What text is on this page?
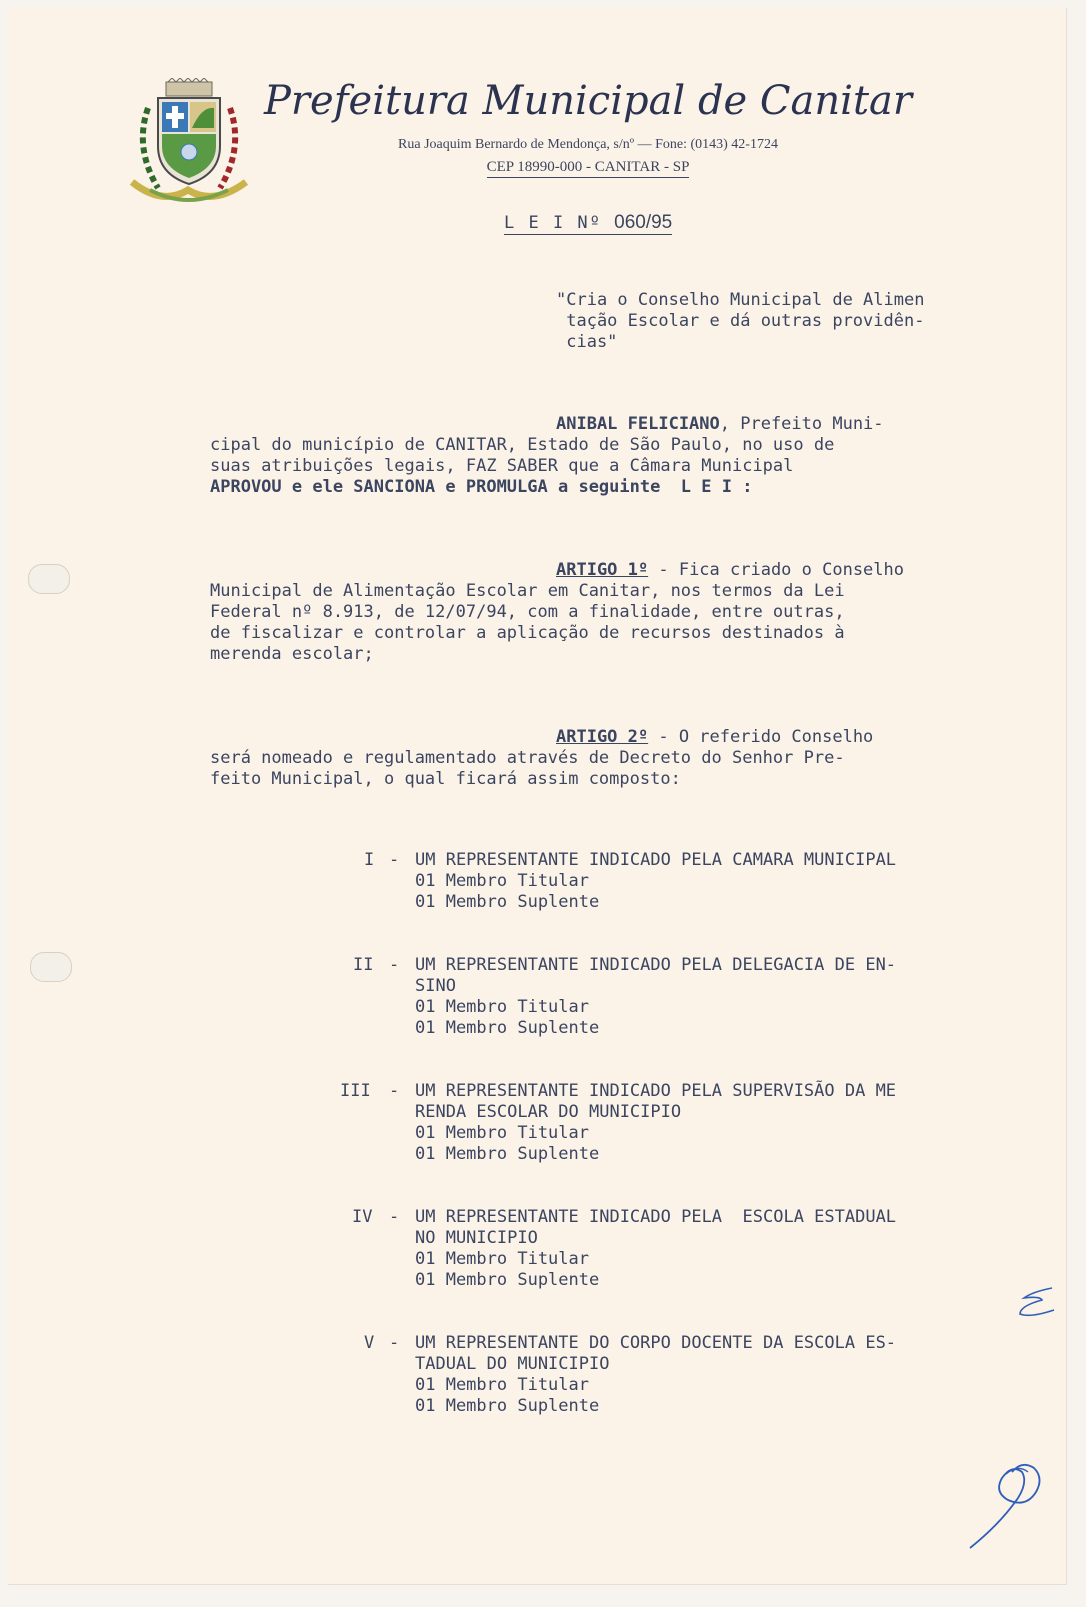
Prefeitura Municipal de Canitar
Rua Joaquim Bernardo de Mendonça, s/nº — Fone: (0143) 42-1724
CEP 18990-000 - CANITAR - SP
L E I Nº 060/95
"Cria o Conselho Municipal de Alimen
tação Escolar e dá outras providên-
cias"
ANIBAL FELICIANO, Prefeito Muni-
cipal do município de CANITAR, Estado de São Paulo, no uso de
suas atribuições legais, FAZ SABER que a Câmara Municipal
APROVOU e ele SANCIONA e PROMULGA a seguinte  L E I :
ARTIGO 1º - Fica criado o Conselho
Municipal de Alimentação Escolar em Canitar, nos termos da Lei
Federal nº 8.913, de 12/07/94, com a finalidade, entre outras,
de fiscalizar e controlar a aplicação de recursos destinados à
merenda escolar;
ARTIGO 2º - O referido Conselho
será nomeado e regulamentado através de Decreto do Senhor Pre-
feito Municipal, o qual ficará assim composto:
I - UM REPRESENTANTE INDICADO PELA CAMARA MUNICIPAL
01 Membro Titular
01 Membro Suplente
II - UM REPRESENTANTE INDICADO PELA DELEGACIA DE EN-
SINO
01 Membro Titular
01 Membro Suplente
III - UM REPRESENTANTE INDICADO PELA SUPERVISÃO DA ME
RENDA ESCOLAR DO MUNICIPIO
01 Membro Titular
01 Membro Suplente
IV - UM REPRESENTANTE INDICADO PELA  ESCOLA ESTADUAL
NO MUNICIPIO
01 Membro Titular
01 Membro Suplente
V - UM REPRESENTANTE DO CORPO DOCENTE DA ESCOLA ES-
TADUAL DO MUNICIPIO
01 Membro Titular
01 Membro Suplente
